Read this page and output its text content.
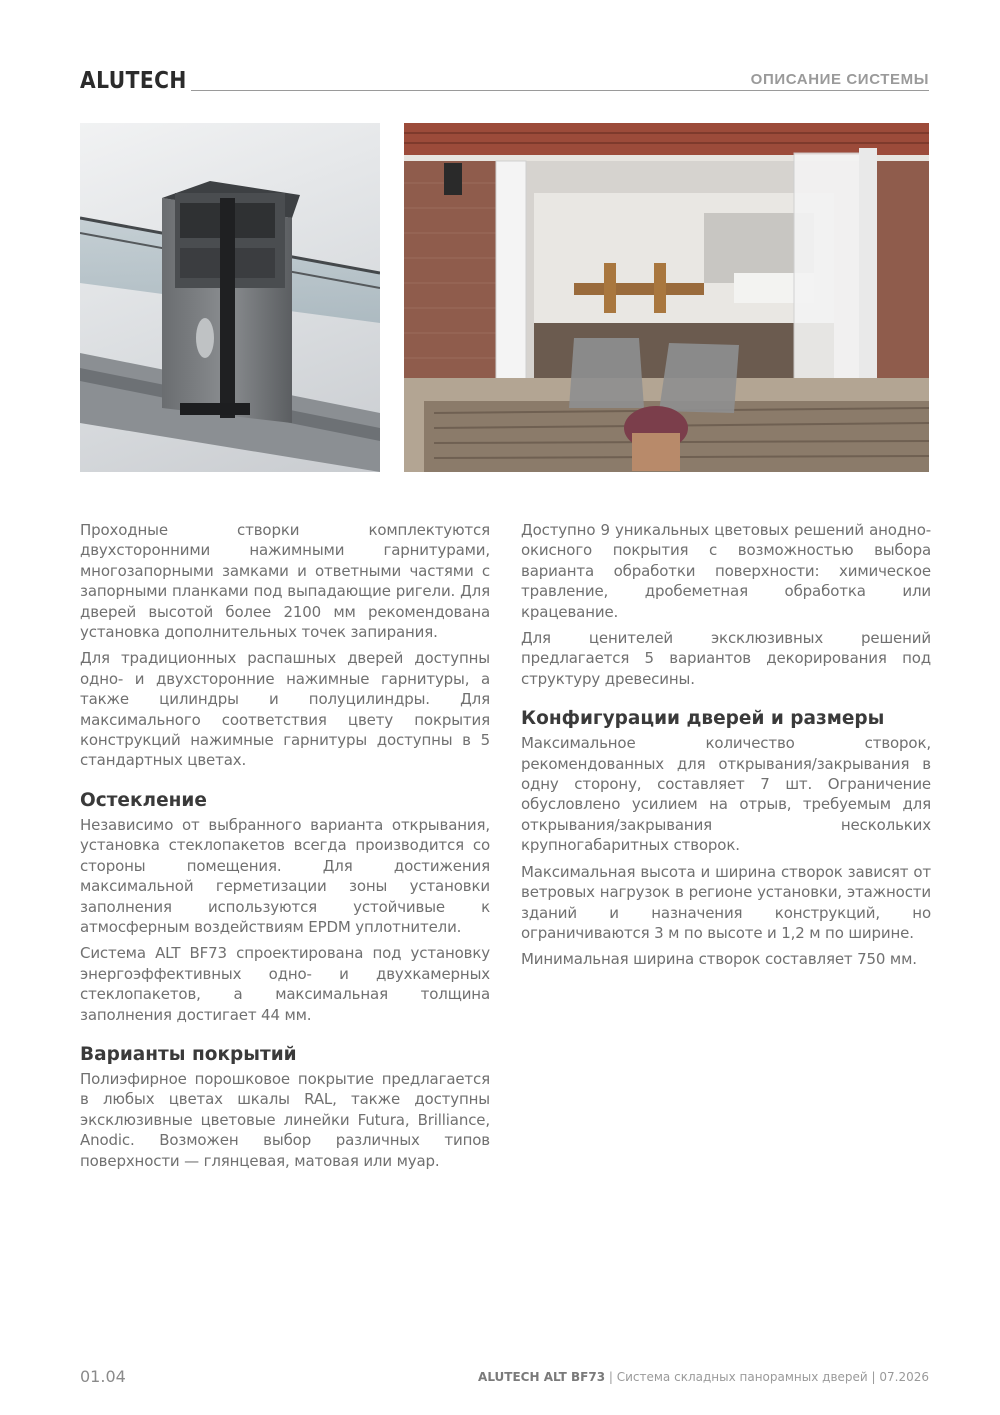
ALUTECH	ОПИСАНИЕ СИСТЕМЫ

Проходные створки комплектуются двухсторонними нажимными гарнитурами, многозапорными замками и ответными частями с запорными планками под выпадающие ригели. Для дверей высотой более 2100 мм рекомендована установка дополнительных точек запирания.

Для традиционных распашных дверей доступны одно- и двухсторонние нажимные гарнитуры, а также цилиндры и полуцилиндры. Для максимального соответствия цвету покрытия конструкций нажимные гарнитуры доступны в 5 стандартных цветах.

Остекление

Независимо от выбранного варианта открывания, установка стеклопакетов всегда производится со стороны помещения. Для достижения максимальной герметизации зоны установки заполнения используются устойчивые к атмосферным воздействиям EPDM уплотнители.

Система ALT BF73 спроектирована под установку энергоэффективных одно- и двухкамерных стеклопакетов, а максимальная толщина заполнения достигает 44 мм.

Варианты покрытий

Полиэфирное порошковое покрытие предлагается в любых цветах шкалы RAL, также доступны эксклюзивные цветовые линейки Futura, Brilliance, Anodic. Возможен выбор различных типов поверхности — глянцевая, матовая или муар.

Доступно 9 уникальных цветовых решений анодно-окисного покрытия с возможностью выбора варианта обработки поверхности: химическое травление, дробеметная обработка или крацевание.

Для ценителей эксклюзивных решений предлагается 5 вариантов декорирования под структуру древесины.

Конфигурации дверей и размеры

Максимальное количество створок, рекомендованных для открывания/закрывания в одну сторону, составляет 7 шт. Ограничение обусловлено усилием на отрыв, требуемым для открывания/закрывания нескольких крупногабаритных створок.

Максимальная высота и ширина створок зависят от ветровых нагрузок в регионе установки, этажности зданий и назначения конструкций, но ограничиваются 3 м по высоте и 1,2 м по ширине.

Минимальная ширина створок составляет 750 мм.

01.04	ALUTECH ALT BF73 | Система складных панорамных дверей | 07.2026
